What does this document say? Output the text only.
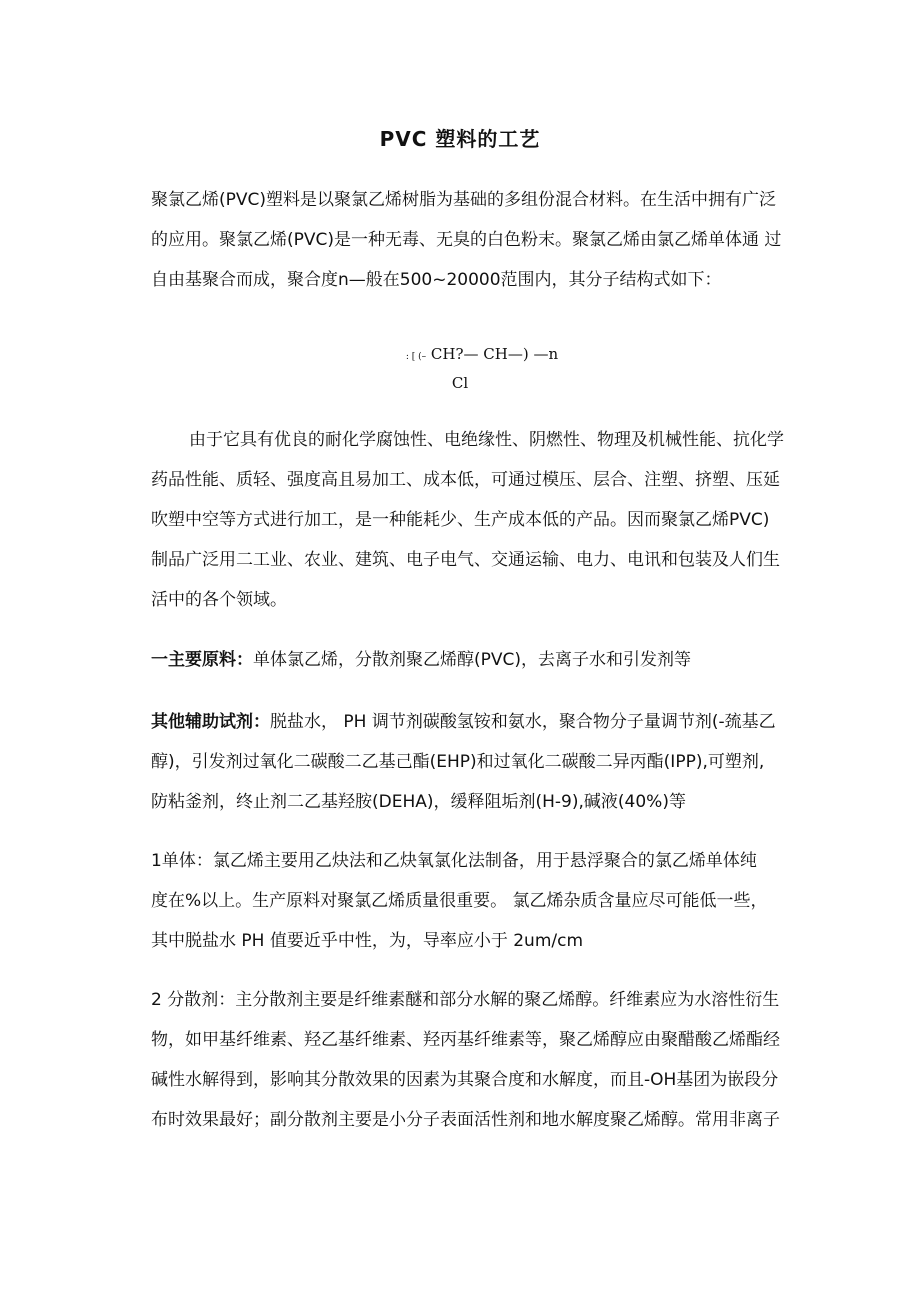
PVC 塑料的工艺
聚氯乙烯(PVC)塑料是以聚氯乙烯树脂为基础的多组份混合材料。在生活中拥有广泛
的应用。聚氯乙烯(PVC)是一种无毒、无臭的白色粉末。聚氯乙烯由氯乙烯单体通 过
自由基聚合而成，聚合度n—般在500~20000范围内，其分子结构式如下：
: [ (– CH?— CH—) —n
Cl
由于它具有优良的耐化学腐蚀性、电绝缘性、阴燃性、物理及机械性能、抗化学
药品性能、质轻、强度高且易加工、成本低，可通过模压、层合、注塑、挤塑、压延
吹塑中空等方式进行加工，是一种能耗少、生产成本低的产品。因而聚氯乙烯PVC)
制品广泛用二工业、农业、建筑、电子电气、交通运输、电力、电讯和包装及人们生
活中的各个领域。
一主要原料：单体氯乙烯，分散剂聚乙烯醇(PVC)，去离子水和引发剂等
其他辅助试剂：脱盐水， PH 调节剂碳酸氢铵和氨水，聚合物分子量调节剂(-巯基乙
醇)，引发剂过氧化二碳酸二乙基己酯(EHP)和过氧化二碳酸二异丙酯(IPP),可塑剂,
防粘釜剂，终止剂二乙基羟胺(DEHA)，缓释阻垢剂(H-9),碱液(40%)等
1单体：氯乙烯主要用乙炔法和乙炔氧氯化法制备，用于悬浮聚合的氯乙烯单体纯
度在%以上。生产原料对聚氯乙烯质量很重要。 氯乙烯杂质含量应尽可能低一些，
其中脱盐水 PH 值要近乎中性，为，导率应小于 2um/cm
2 分散剂：主分散剂主要是纤维素醚和部分水解的聚乙烯醇。纤维素应为水溶性衍生
物，如甲基纤维素、羟乙基纤维素、羟丙基纤维素等，聚乙烯醇应由聚醋酸乙烯酯经
碱性水解得到，影响其分散效果的因素为其聚合度和水解度，而且-OH基团为嵌段分
布时效果最好；副分散剂主要是小分子表面活性剂和地水解度聚乙烯醇。常用非离子
